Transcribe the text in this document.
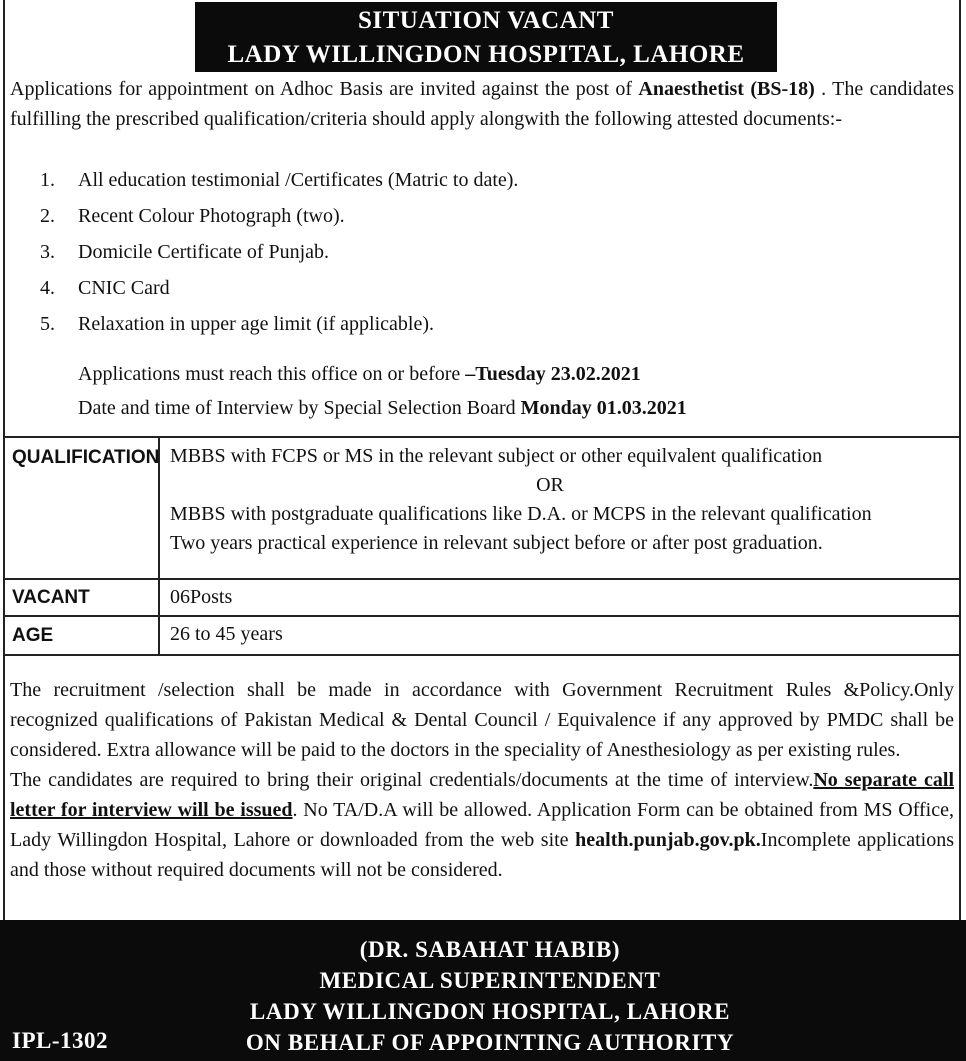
SITUATION VACANT
LADY WILLINGDON HOSPITAL, LAHORE
Applications for appointment on Adhoc Basis are invited against the post of Anaesthetist (BS-18) . The candidates fulfilling the prescribed qualification/criteria should apply alongwith the following attested documents:-
1.	All education testimonial /Certificates (Matric to date).
2.	Recent Colour Photograph (two).
3.	Domicile Certificate of Punjab.
4.	CNIC Card
5.	Relaxation in upper age limit (if applicable).
Applications must reach this office on or before –Tuesday 23.02.2021
Date and time of Interview by Special Selection Board Monday 01.03.2021
QUALIFICATION MBBS with FCPS or MS in the relevant subject or other equilvalent qualification
OR
MBBS with postgraduate qualifications like D.A. or MCPS in the relevant qualification
Two years practical experience in relevant subject before or after post graduation.
VACANT	06Posts
AGE	26 to 45 years
The recruitment /selection shall be made in accordance with Government Recruitment Rules &Policy.Only recognized qualifications of Pakistan Medical & Dental Council / Equivalence if any approved by PMDC shall be considered. Extra allowance will be paid to the doctors in the speciality of Anesthesiology as per existing rules.
The candidates are required to bring their original credentials/documents at the time of interview.No separate call letter for interview will be issued. No TA/D.A will be allowed. Application Form can be obtained from MS Office, Lady Willingdon Hospital, Lahore or downloaded from the web site health.punjab.gov.pk.Incomplete applications and those without required documents will not be considered.
(DR. SABAHAT HABIB)
MEDICAL SUPERINTENDENT
LADY WILLINGDON HOSPITAL, LAHORE
ON BEHALF OF APPOINTING AUTHORITY
IPL-1302
